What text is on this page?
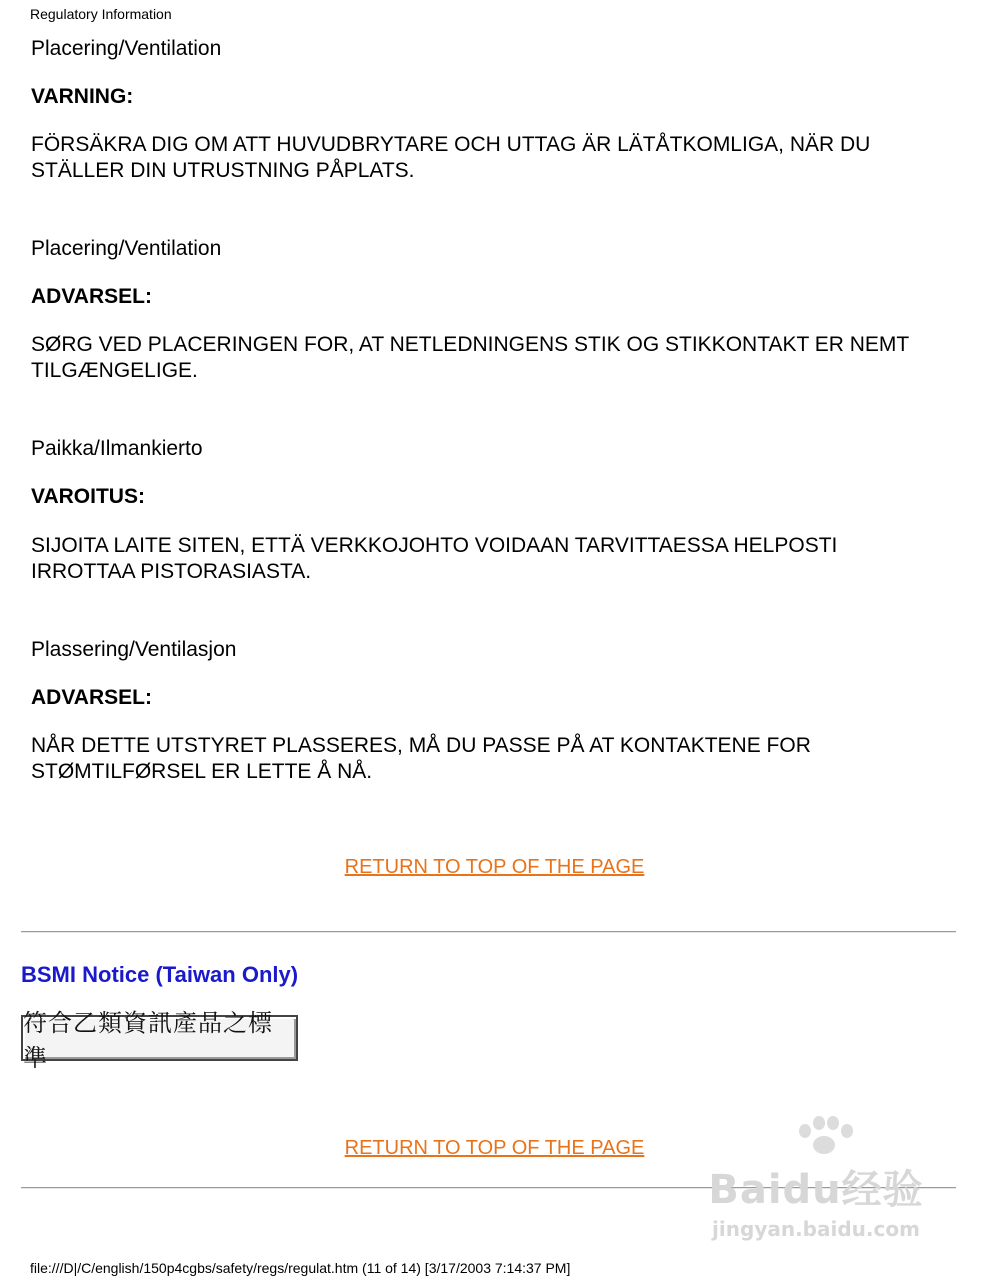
Regulatory Information
Placering/Ventilation
VARNING:
FÖRSÄKRA DIG OM ATT HUVUDBRYTARE OCH UTTAG ÄR LÄTÅTKOMLIGA, NÄR DU STÄLLER DIN UTRUSTNING PÅPLATS.
Placering/Ventilation
ADVARSEL:
SØRG VED PLACERINGEN FOR, AT NETLEDNINGENS STIK OG STIKKONTAKT ER NEMT TILGÆNGELIGE.
Paikka/Ilmankierto
VAROITUS:
SIJOITA LAITE SITEN, ETTÄ VERKKOJOHTO VOIDAAN TARVITTAESSA HELPOSTI IRROTTAA PISTORASIASTA.
Plassering/Ventilasjon
ADVARSEL:
NÅR DETTE UTSTYRET PLASSERES, MÅ DU PASSE PÅ AT KONTAKTENE FOR STØMTILFØRSEL ER LETTE Å NÅ.
RETURN TO TOP OF THE PAGE
BSMI Notice (Taiwan Only)
符合乙類資訊產品之標準
RETURN TO TOP OF THE PAGE
Baidu经验
jingyan.baidu.com
file:///D|/C/english/150p4cgbs/safety/regs/regulat.htm (11 of 14) [3/17/2003 7:14:37 PM]
